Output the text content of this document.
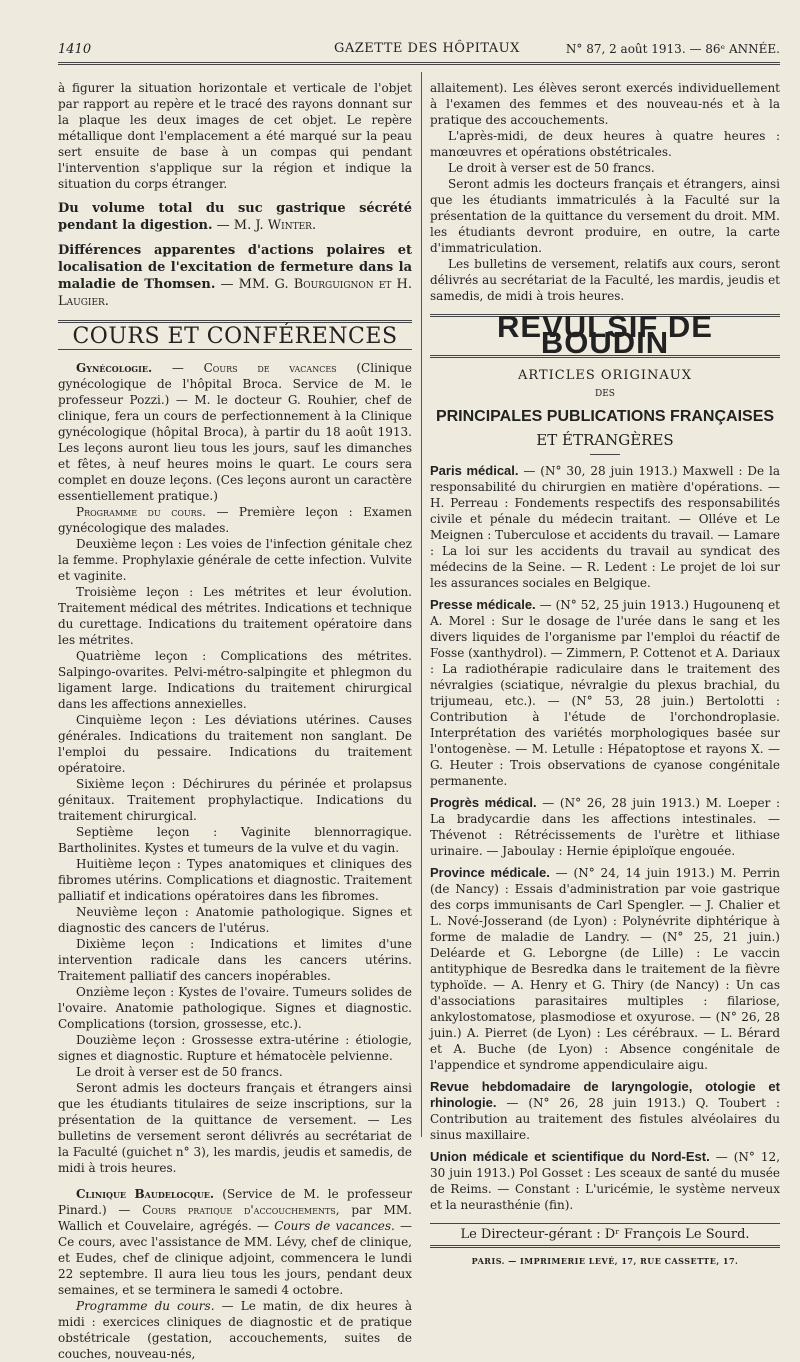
1410	GAZETTE DES HÔPITAUX	N° 87, 2 août 1913. — 86ᵉ ANNÉE.

à figurer la situation horizontale et verticale de l'objet par rapport au repère et le tracé des rayons donnant sur la plaque les deux images de cet objet. Le repère métallique dont l'emplacement a été marqué sur la peau sert ensuite de base à un compas qui pendant l'intervention s'applique sur la région et indique la situation du corps étranger.

Du volume total du suc gastrique sécrété pendant la digestion. — M. J. Winter.

Différences apparentes d'actions polaires et localisation de l'excitation de fermeture dans la maladie de Thomsen. — MM. G. Bourguignon et H. Laugier.

COURS ET CONFÉRENCES

Gynécologie. — Cours de vacances (Clinique gynécologique de l'hôpital Broca. Service de M. le professeur Pozzi.) — M. le docteur G. Rouhier, chef de clinique, fera un cours de perfectionnement à la Clinique gynécologique (hôpital Broca), à partir du 18 août 1913. Les leçons auront lieu tous les jours, sauf les dimanches et fêtes, à neuf heures moins le quart. Le cours sera complet en douze leçons. (Ces leçons auront un caractère essentiellement pratique.)

Programme du cours. — Première leçon : Examen gynécologique des malades.

Deuxième leçon : Les voies de l'infection génitale chez la femme. Prophylaxie générale de cette infection. Vulvite et vaginite.

Troisième leçon : Les métrites et leur évolution. Traitement médical des métrites. Indications et technique du curettage. Indications du traitement opératoire dans les métrites.

Quatrième leçon : Complications des métrites. Salpingo-ovarites. Pelvi-métro-salpingite et phlegmon du ligament large. Indications du traitement chirurgical dans les affections annexielles.

Cinquième leçon : Les déviations utérines. Causes générales. Indications du traitement non sanglant. De l'emploi du pessaire. Indications du traitement opératoire.

Sixième leçon : Déchirures du périnée et prolapsus génitaux. Traitement prophylactique. Indications du traitement chirurgical.

Septième leçon : Vaginite blennorragique. Bartholinites. Kystes et tumeurs de la vulve et du vagin.

Huitième leçon : Types anatomiques et cliniques des fibromes utérins. Complications et diagnostic. Traitement palliatif et indications opératoires dans les fibromes.

Neuvième leçon : Anatomie pathologique. Signes et diagnostic des cancers de l'utérus.

Dixième leçon : Indications et limites d'une intervention radicale dans les cancers utérins. Traitement palliatif des cancers inopérables.

Onzième leçon : Kystes de l'ovaire. Tumeurs solides de l'ovaire. Anatomie pathologique. Signes et diagnostic. Complications (torsion, grossesse, etc.).

Douzième leçon : Grossesse extra-utérine : étiologie, signes et diagnostic. Rupture et hématocèle pelvienne.

Le droit à verser est de 50 francs.

Seront admis les docteurs français et étrangers ainsi que les étudiants titulaires de seize inscriptions, sur la présentation de la quittance de versement. — Les bulletins de versement seront délivrés au secrétariat de la Faculté (guichet n° 3), les mardis, jeudis et samedis, de midi à trois heures.

Clinique Baudelocque. (Service de M. le professeur Pinard.) — Cours pratique d'accouchements, par MM. Wallich et Couvelaire, agrégés. — Cours de vacances. — Ce cours, avec l'assistance de MM. Lévy, chef de clinique, et Eudes, chef de clinique adjoint, commencera le lundi 22 septembre. Il aura lieu tous les jours, pendant deux semaines, et se terminera le samedi 4 octobre.

Programme du cours. — Le matin, de dix heures à midi : exercices cliniques de diagnostic et de pratique obstétricale (gestation, accouchements, suites de couches, nouveau-nés,

allaitement). Les élèves seront exercés individuellement à l'examen des femmes et des nouveau-nés et à la pratique des accouchements.

L'après-midi, de deux heures à quatre heures : manœuvres et opérations obstétricales.

Le droit à verser est de 50 francs.

Seront admis les docteurs français et étrangers, ainsi que les étudiants immatriculés à la Faculté sur la présentation de la quittance du versement du droit. MM. les étudiants devront produire, en outre, la carte d'immatriculation.

Les bulletins de versement, relatifs aux cours, seront délivrés au secrétariat de la Faculté, les mardis, jeudis et samedis, de midi à trois heures.

REVULSIF DE BOUDIN
ARTICLES ORIGINAUX
DES
PRINCIPALES PUBLICATIONS FRANÇAISES
ET ÉTRANGÈRES

Paris médical. — (N° 30, 28 juin 1913.) Maxwell : De la responsabilité du chirurgien en matière d'opérations. — H. Perreau : Fondements respectifs des responsabilités civile et pénale du médecin traitant. — Olléve et Le Meignen : Tuberculose et accidents du travail. — Lamare : La loi sur les accidents du travail au syndicat des médecins de la Seine. — R. Ledent : Le projet de loi sur les assurances sociales en Belgique.

Presse médicale. — (N° 52, 25 juin 1913.) Hugounenq et A. Morel : Sur le dosage de l'urée dans le sang et les divers liquides de l'organisme par l'emploi du réactif de Fosse (xanthydrol). — Zimmern, P. Cottenot et A. Dariaux : La radiothérapie radiculaire dans le traitement des névralgies (sciatique, névralgie du plexus brachial, du trijumeau, etc.). — (N° 53, 28 juin.) Bertolotti : Contribution à l'étude de l'orchondroplasie. Interprétation des variétés morphologiques basée sur l'ontogenèse. — M. Letulle : Hépatoptose et rayons X. — G. Heuter : Trois observations de cyanose congénitale permanente.

Progrès médical. — (N° 26, 28 juin 1913.) M. Loeper : La bradycardie dans les affections intestinales. — Thévenot : Rétrécissements de l'urètre et lithiase urinaire. — Jaboulay : Hernie épiploïque engouée.

Province médicale. — (N° 24, 14 juin 1913.) M. Perrin (de Nancy) : Essais d'administration par voie gastrique des corps immunisants de Carl Spengler. — J. Chalier et L. Nové-Josserand (de Lyon) : Polynévrite diphtérique à forme de maladie de Landry. — (N° 25, 21 juin.) Deléarde et G. Leborgne (de Lille) : Le vaccin antityphique de Besredka dans le traitement de la fièvre typhoïde. — A. Henry et G. Thiry (de Nancy) : Un cas d'associations parasitaires multiples : filariose, ankylostomatose, plasmodiose et oxyurose. — (N° 26, 28 juin.) A. Pierret (de Lyon) : Les cérébraux. — L. Bérard et A. Buche (de Lyon) : Absence congénitale de l'appendice et syndrome appendiculaire aigu.

Revue hebdomadaire de laryngologie, otologie et rhinologie. — (N° 26, 28 juin 1913.) Q. Toubert : Contribution au traitement des fistules alvéolaires du sinus maxillaire.

Union médicale et scientifique du Nord-Est. — (N° 12, 30 juin 1913.) Pol Gosset : Les sceaux de santé du musée de Reims. — Constant : L'uricémie, le système nerveux et la neurasthénie (fin).

Le Directeur-gérant : Dʳ François Le Sourd.
PARIS. — IMPRIMERIE LEVÉ, 17, RUE CASSETTE, 17.
